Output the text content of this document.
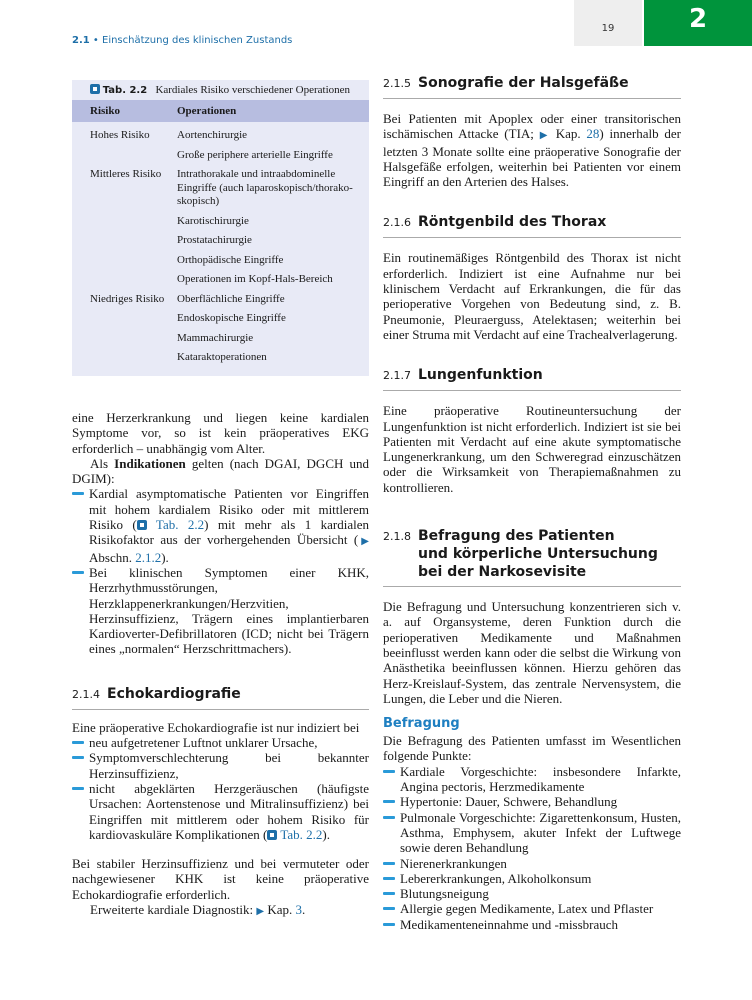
2.1 • Einschätzung des klinischen Zustands
19	2
Tab. 2.2 Kardiales Risiko verschiedener Operationen
Risiko	Operationen
Hohes Risiko	Aortenchirurgie
Große periphere arterielle Eingriffe
Mittleres Risiko	Intrathorakale und intraabdominelle Eingriffe (auch laparoskopisch/thorakoskopisch)
Karotischirurgie
Prostatachirurgie
Orthopädische Eingriffe
Operationen im Kopf-Hals-Bereich
Niedriges Risiko	Oberflächliche Eingriffe
Endoskopische Eingriffe
Mammachirurgie
Kataraktoperationen

eine Herzerkrankung und liegen keine kardialen Symptome vor, so ist kein präoperatives EKG erforderlich – unabhängig vom Alter.

Als Indikationen gelten (nach DGAI, DGCH und DGIM):

Kardial asymptomatische Patienten vor Eingriffen mit hohem kardialem Risiko oder mit mittlerem Risiko ( Tab. 2.2) mit mehr als 1 kardialen Risikofaktor aus der vorhergehenden Übersicht (▶ Abschn. 2.1.2).
Bei klinischen Symptomen einer KHK, Herzrhythmusstörungen, Herzklappenerkrankungen/Herzvitien, Herzinsuffizienz, Trägern eines implantierbaren Kardioverter-Defibrillatoren (ICD; nicht bei Trägern eines „normalen“ Herzschrittmachers).
2.1.4 Echokardiografie

Eine präoperative Echokardiografie ist nur indiziert bei

neu aufgetretener Luftnot unklarer Ursache,
Symptomverschlechterung bei bekannter Herzinsuffizienz,
nicht abgeklärten Herzgeräuschen (häufigste Ursachen: Aortenstenose und Mitralinsuffizienz) bei Eingriffen mit mittlerem oder hohem Risiko für kardiovaskuläre Komplikationen ( Tab. 2.2).

Bei stabiler Herzinsuffizienz und bei vermuteter oder nachgewiesener KHK ist keine präoperative Echokardiografie erforderlich.

Erweiterte kardiale Diagnostik: ▶ Kap. 3.

2.1.5 Sonografie der Halsgefäße

Bei Patienten mit Apoplex oder einer transitorischen ischämischen Attacke (TIA; ▶ Kap. 28) innerhalb der letzten 3 Monate sollte eine präoperative Sonografie der Halsgefäße erfolgen, weiterhin bei Patienten vor einem Eingriff an den Arterien des Halses.

2.1.6 Röntgenbild des Thorax

Ein routinemäßiges Röntgenbild des Thorax ist nicht erforderlich. Indiziert ist eine Aufnahme nur bei klinischem Verdacht auf Erkrankungen, die für das perioperative Vorgehen von Bedeutung sind, z. B. Pneumonie, Pleuraerguss, Atelektasen; weiterhin bei einer Struma mit Verdacht auf eine Trachealverlagerung.

2.1.7 Lungenfunktion

Eine präoperative Routineuntersuchung der Lungenfunktion ist nicht erforderlich. Indiziert ist sie bei Patienten mit Verdacht auf eine akute symptomatische Lungenerkrankung, um den Schweregrad einzuschätzen oder die Wirksamkeit von Therapiemaßnahmen zu kontrollieren.

2.1.8 Befragung des Patienten
und körperliche Untersuchung
bei der Narkosevisite

Die Befragung und Untersuchung konzentrieren sich v. a. auf Organsysteme, deren Funktion durch die perioperativen Medikamente und Maßnahmen beeinflusst werden kann oder die selbst die Wirkung von Anästhetika beeinflussen können. Hierzu gehören das Herz-Kreislauf-System, das zentrale Nervensystem, die Lungen, die Leber und die Nieren.

Befragung

Die Befragung des Patienten umfasst im Wesentlichen folgende Punkte:

Kardiale Vorgeschichte: insbesondere Infarkte, Angina pectoris, Herzmedikamente
Hypertonie: Dauer, Schwere, Behandlung
Pulmonale Vorgeschichte: Zigarettenkonsum, Husten, Asthma, Emphysem, akuter Infekt der Luftwege sowie deren Behandlung
Nierenerkrankungen
Lebererkrankungen, Alkoholkonsum
Blutungsneigung
Allergie gegen Medikamente, Latex und Pflaster
Medikamenteneinnahme und -missbrauch
